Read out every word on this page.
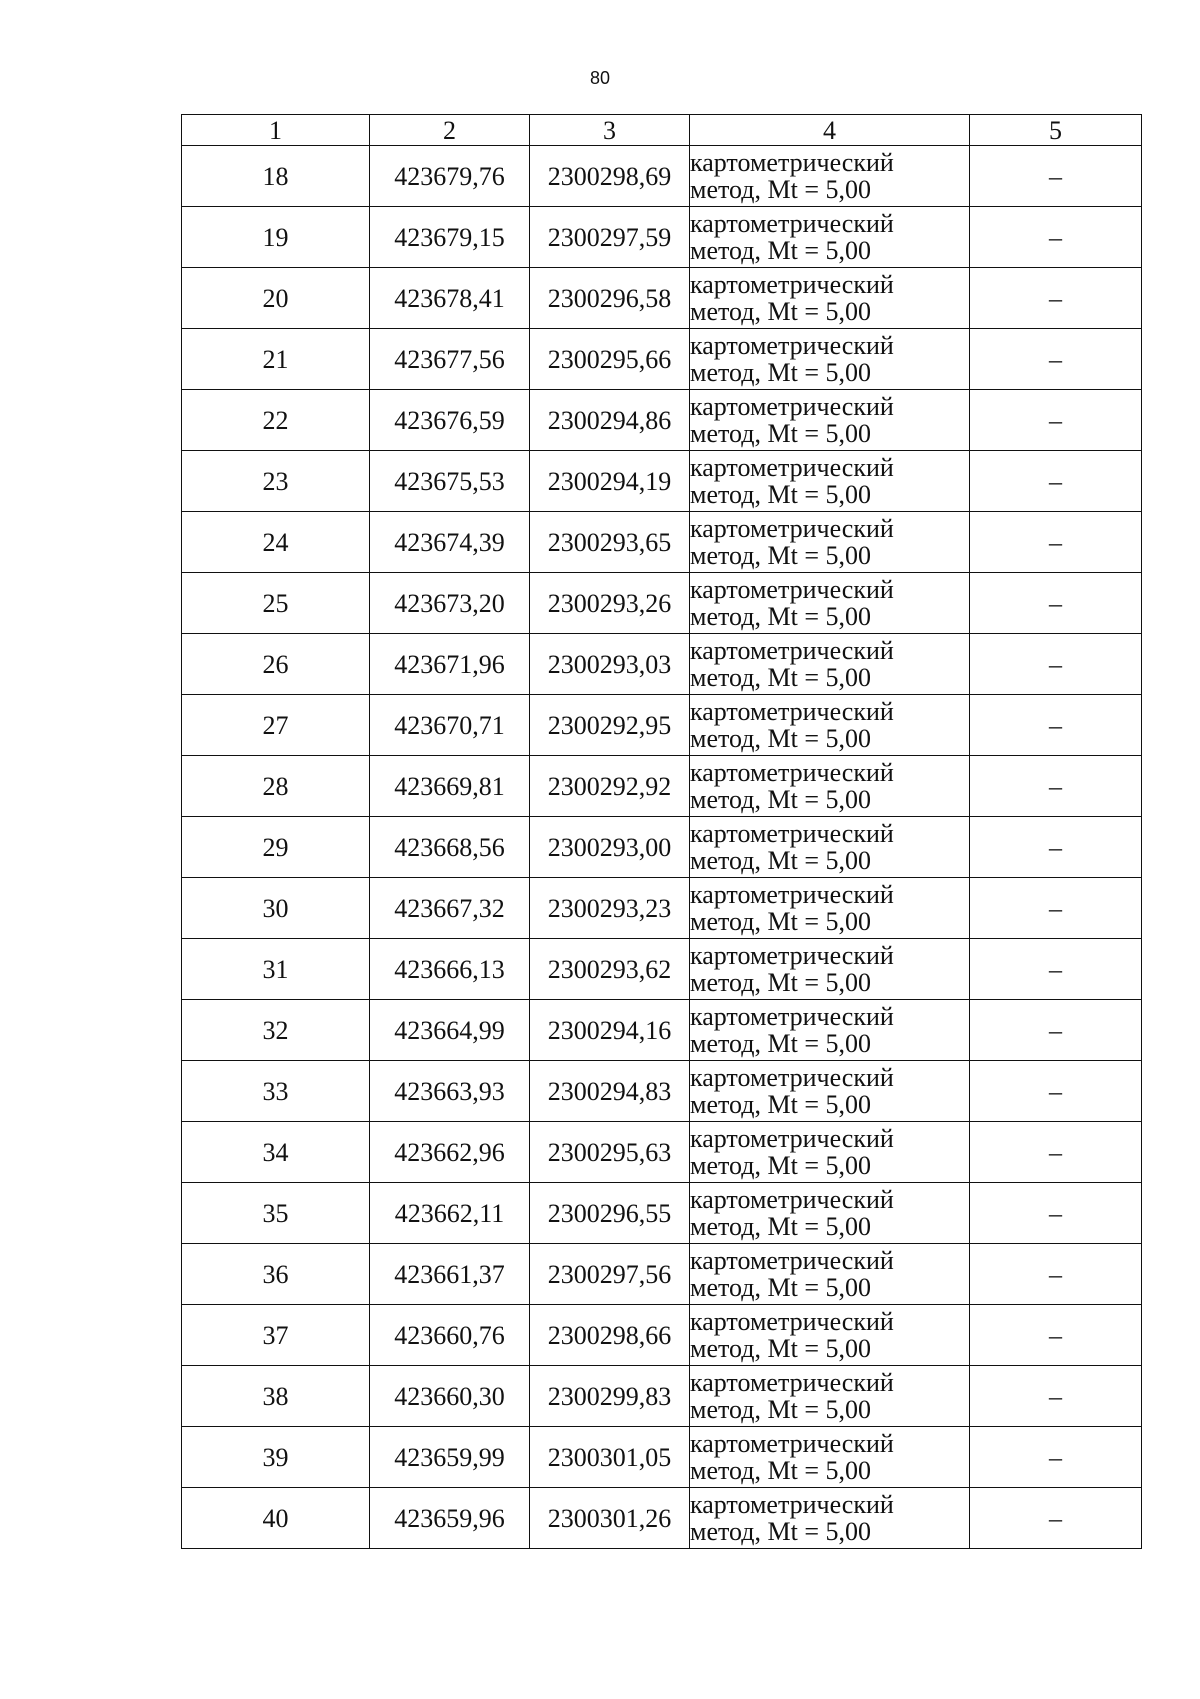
80
1	2	3	4	5
18	423679,76	2300298,69	картометрический
метод, Mt = 5,00	–
19	423679,15	2300297,59	картометрический
метод, Mt = 5,00	–
20	423678,41	2300296,58	картометрический
метод, Mt = 5,00	–
21	423677,56	2300295,66	картометрический
метод, Mt = 5,00	–
22	423676,59	2300294,86	картометрический
метод, Mt = 5,00	–
23	423675,53	2300294,19	картометрический
метод, Mt = 5,00	–
24	423674,39	2300293,65	картометрический
метод, Mt = 5,00	–
25	423673,20	2300293,26	картометрический
метод, Mt = 5,00	–
26	423671,96	2300293,03	картометрический
метод, Mt = 5,00	–
27	423670,71	2300292,95	картометрический
метод, Mt = 5,00	–
28	423669,81	2300292,92	картометрический
метод, Mt = 5,00	–
29	423668,56	2300293,00	картометрический
метод, Mt = 5,00	–
30	423667,32	2300293,23	картометрический
метод, Mt = 5,00	–
31	423666,13	2300293,62	картометрический
метод, Mt = 5,00	–
32	423664,99	2300294,16	картометрический
метод, Mt = 5,00	–
33	423663,93	2300294,83	картометрический
метод, Mt = 5,00	–
34	423662,96	2300295,63	картометрический
метод, Mt = 5,00	–
35	423662,11	2300296,55	картометрический
метод, Mt = 5,00	–
36	423661,37	2300297,56	картометрический
метод, Mt = 5,00	–
37	423660,76	2300298,66	картометрический
метод, Mt = 5,00	–
38	423660,30	2300299,83	картометрический
метод, Mt = 5,00	–
39	423659,99	2300301,05	картометрический
метод, Mt = 5,00	–
40	423659,96	2300301,26	картометрический
метод, Mt = 5,00	–
